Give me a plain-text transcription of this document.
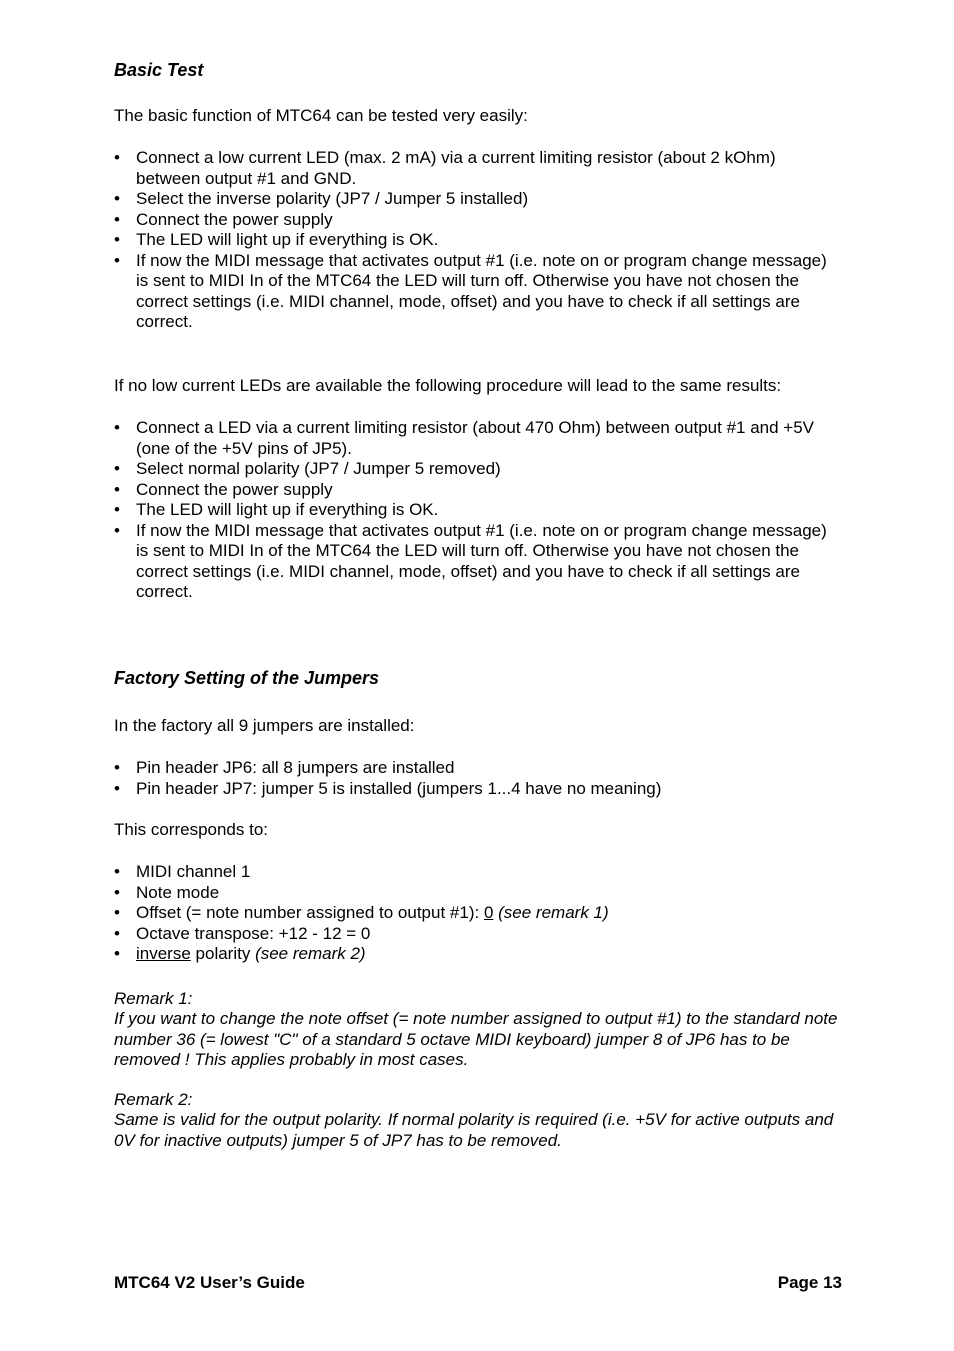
Basic Test

The basic function of MTC64 can be tested very easily:

• Connect a low current LED (max. 2 mA) via a current limiting resistor (about 2 kOhm) between output #1 and GND.
• Select the inverse polarity (JP7 / Jumper 5 installed)
• Connect the power supply
• The LED will light up if everything is OK.
• If now the MIDI message that activates output #1 (i.e. note on or program change message) is sent to MIDI In of the MTC64 the LED will turn off. Otherwise you have not chosen the correct settings (i.e. MIDI channel, mode, offset) and you have to check if all settings are correct.

If no low current LEDs are available the following procedure will lead to the same results:

• Connect a LED via a current limiting resistor (about 470 Ohm) between output #1 and +5V (one of the +5V pins of JP5).
• Select normal polarity (JP7 / Jumper 5 removed)
• Connect the power supply
• The LED will light up if everything is OK.
• If now the MIDI message that activates output #1 (i.e. note on or program change message) is sent to MIDI In of the MTC64 the LED will turn off. Otherwise you have not chosen the correct settings (i.e. MIDI channel, mode, offset) and you have to check if all settings are correct.
Factory Setting of the Jumpers

In the factory all 9 jumpers are installed:

• Pin header JP6: all 8 jumpers are installed
• Pin header JP7: jumper 5 is installed (jumpers 1...4 have no meaning)

This corresponds to:

• MIDI channel 1
• Note mode
• Offset (= note number assigned to output #1): 0 (see remark 1)
• Octave transpose: +12 - 12 = 0
• inverse polarity (see remark 2)

Remark 1:

If you want to change the note offset (= note number assigned to output #1) to the standard note number 36 (= lowest "C" of a standard 5 octave MIDI keyboard) jumper 8 of JP6 has to be removed ! This applies probably in most cases.

Remark 2:

Same is valid for the output polarity. If normal polarity is required (i.e. +5V for active outputs and 0V for inactive outputs) jumper 5 of JP7 has to be removed.

MTC64 V2 User’s Guide	Page 13
